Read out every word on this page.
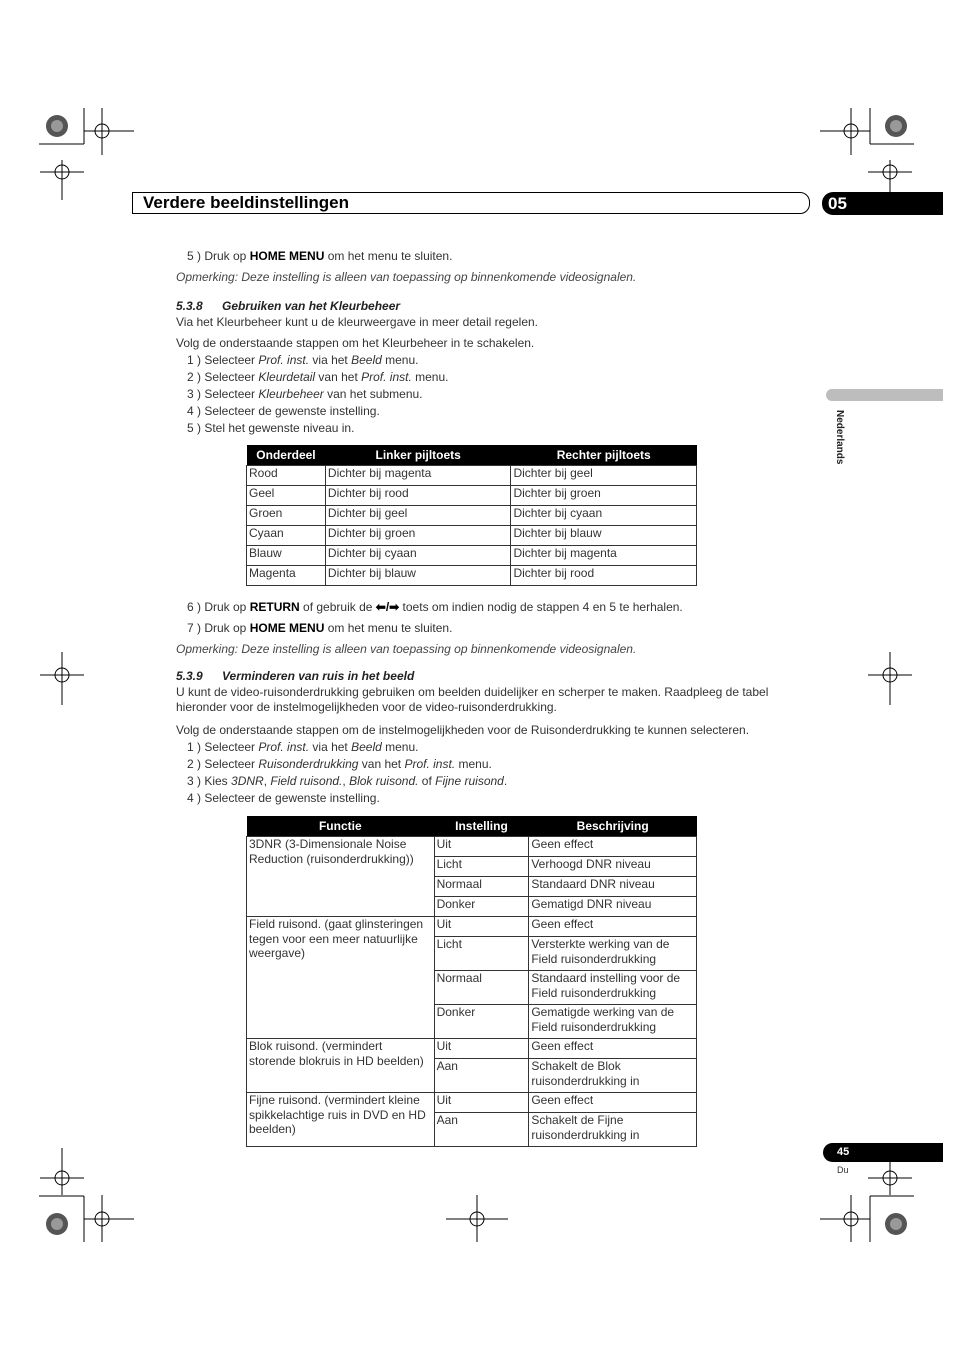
Verdere beeldinstellingen	05
Nederlands
5 ) Druk op HOME MENU om het menu te sluiten.
Opmerking: Deze instelling is alleen van toepassing op binnenkomende videosignalen.
5.3.8 Gebruiken van het Kleurbeheer
Via het Kleurbeheer kunt u de kleurweergave in meer detail regelen.
Volg de onderstaande stappen om het Kleurbeheer in te schakelen.
1 ) Selecteer Prof. inst. via het Beeld menu.
2 ) Selecteer Kleurdetail van het Prof. inst. menu.
3 ) Selecteer Kleurbeheer van het submenu.
4 ) Selecteer de gewenste instelling.
5 ) Stel het gewenste niveau in.
Onderdeel	Linker pijltoets	Rechter pijltoets
Rood	Dichter bij magenta	Dichter bij geel
Geel	Dichter bij rood	Dichter bij groen
Groen	Dichter bij geel	Dichter bij cyaan
Cyaan	Dichter bij groen	Dichter bij blauw
Blauw	Dichter bij cyaan	Dichter bij magenta
Magenta	Dichter bij blauw	Dichter bij rood
6 ) Druk op RETURN of gebruik de ⬅/➡ toets om indien nodig de stappen 4 en 5 te herhalen.
7 ) Druk op HOME MENU om het menu te sluiten.
Opmerking: Deze instelling is alleen van toepassing op binnenkomende videosignalen.
5.3.9 Verminderen van ruis in het beeld
U kunt de video-ruisonderdrukking gebruiken om beelden duidelijker en scherper te maken. Raadpleeg de tabel
hieronder voor de instelmogelijkheden voor de video-ruisonderdrukking.
Volg de onderstaande stappen om de instelmogelijkheden voor de Ruisonderdrukking te kunnen selecteren.
1 ) Selecteer Prof. inst. via het Beeld menu.
2 ) Selecteer Ruisonderdrukking van het Prof. inst. menu.
3 ) Kies 3DNR, Field ruisond., Blok ruisond. of Fijne ruisond.
4 ) Selecteer de gewenste instelling.
Functie	Instelling	Beschrijving
3DNR (3-Dimensionale Noise Reduction (ruisonderdrukking))	Uit	Geen effect
	Licht	Verhoogd DNR niveau
	Normaal	Standaard DNR niveau
	Donker	Gematigd DNR niveau
Field ruisond. (gaat glinsteringen tegen voor een meer natuurlijke weergave)	Uit	Geen effect
	Licht	Versterkte werking van de Field ruisonderdrukking
	Normaal	Standaard instelling voor de Field ruisonderdrukking
	Donker	Gematigde werking van de Field ruisonderdrukking
Blok ruisond. (vermindert storende blokruis in HD beelden)	Uit	Geen effect
	Aan	Schakelt de Blok ruisonderdrukking in
Fijne ruisond. (vermindert kleine spikkelachtige ruis in DVD en HD beelden)	Uit	Geen effect
	Aan	Schakelt de Fijne ruisonderdrukking in
45
Du
